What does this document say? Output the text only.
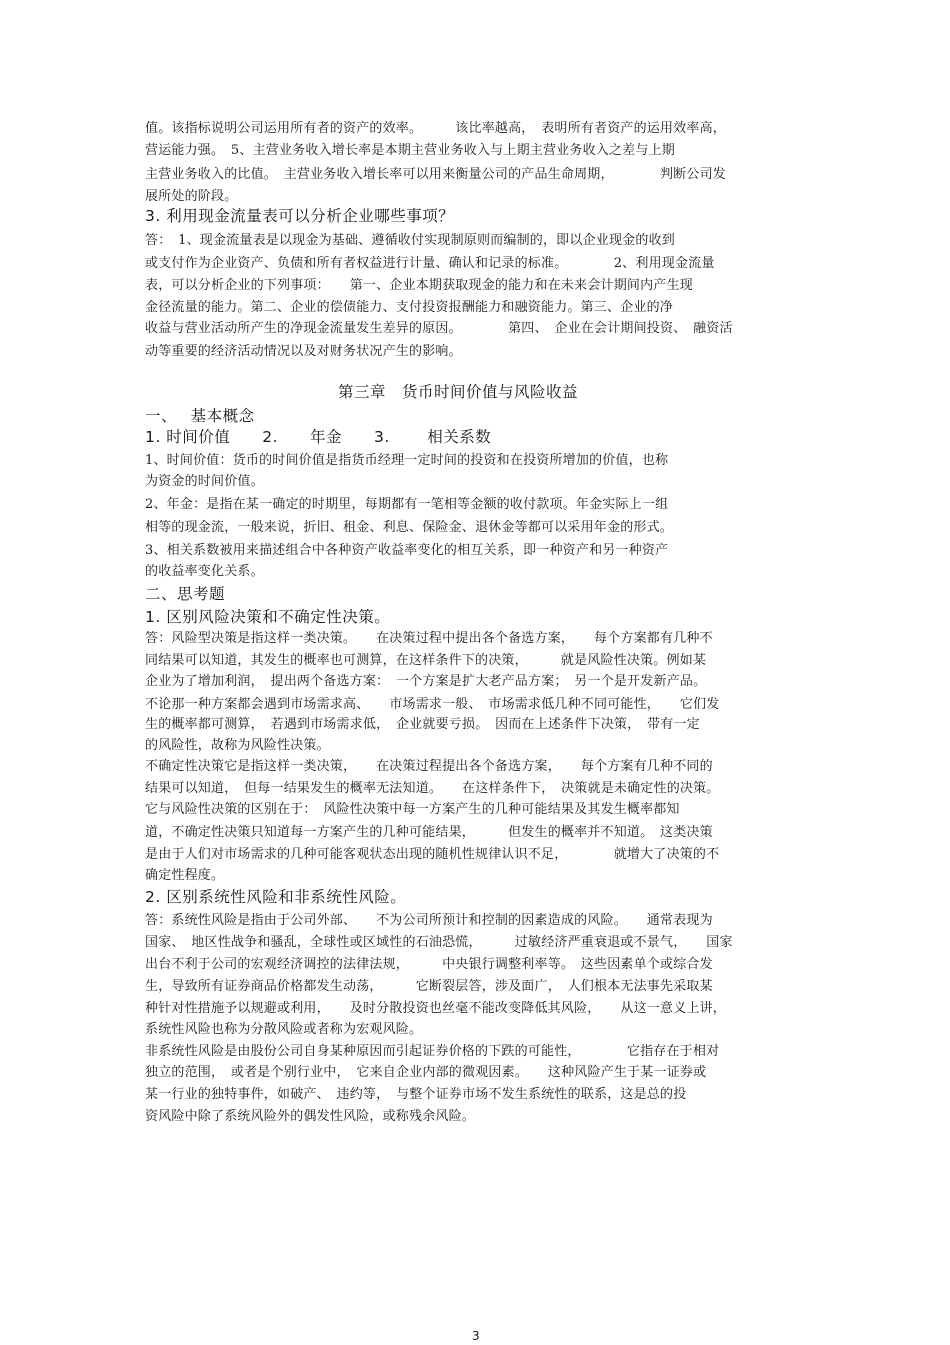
值。该指标说明公司运用所有者的资产的效率。　　　该比率越高，　表明所有者资产的运用效率高，
营运能力强。　5、主营业务收入增长率是本期主营业务收入与上期主营业务收入之差与上期
主营业务收入的比值。　主营业务收入增长率可以用来衡量公司的产品生命周期，　　　　判断公司发
展所处的阶段。
3. 利用现金流量表可以分析企业哪些事项？
答：　1、现金流量表是以现金为基础、遵循收付实现制原则而编制的，即以企业现金的收到
或支付作为企业资产、负债和所有者权益进行计量、确认和记录的标准。　　　　2、利用现金流量
表，可以分析企业的下列事项：　　第一、企业本期获取现金的能力和在未来会计期间内产生现
金径流量的能力。第二、企业的偿债能力、支付投资报酬能力和融资能力。第三、企业的净
收益与营业活动所产生的净现金流量发生差异的原因。　　　　第四、　企业在会计期间投资、　融资活
动等重要的经济活动情况以及对财务状况产生的影响。
第三章　货币时间价值与风险收益
一、　 基本概念
1. 时间价值　　2.　　年金　　3.　　 相关系数
1、时间价值：货币的时间价值是指货币经理一定时间的投资和在投资所增加的价值，也称
为资金的时间价值。
2、年金：是指在某一确定的时期里，每期都有一笔相等金额的收付款项。年金实际上一组
相等的现金流，一般来说，折旧、租金、利息、保险金、退休金等都可以采用年金的形式。
3、相关系数被用来描述组合中各种资产收益率变化的相互关系，即一种资产和另一种资产
的收益率变化关系。
二、思考题
1. 区别风险决策和不确定性决策。
答：风险型决策是指这样一类决策。　　在决策过程中提出各个备选方案，　　每个方案都有几种不
同结果可以知道，其发生的概率也可测算，在这样条件下的决策，　　　就是风险性决策。例如某
企业为了增加利润，　提出两个备选方案：　一个方案是扩大老产品方案；　另一个是开发新产品。
不论那一种方案都会遇到市场需求高、　　市场需求一般、　市场需求低几种不同可能性，　　它们发
生的概率都可测算，　若遇到市场需求低，　企业就要亏损。　因而在上述条件下决策，　带有一定
的风险性，故称为风险性决策。
不确定性决策它是指这样一类决策，　　在决策过程提出各个备选方案，　　每个方案有几种不同的
结果可以知道，　但每一结果发生的概率无法知道。　　在这样条件下，　决策就是未确定性的决策。
它与风险性决策的区别在于：　风险性决策中每一方案产生的几种可能结果及其发生概率都知
道，不确定性决策只知道每一方案产生的几种可能结果，　　　但发生的概率并不知道。　这类决策
是由于人们对市场需求的几种可能客观状态出现的随机性规律认识不足，　　　　就增大了决策的不
确定性程度。
2. 区别系统性风险和非系统性风险。
答：系统性风险是指由于公司外部、　　不为公司所预计和控制的因素造成的风险。　　通常表现为
国家、　地区性战争和骚乱，全球性或区域性的石油恐慌，　　　过敏经济严重衰退或不景气，　　国家
出台不利于公司的宏观经济调控的法律法规，　　　中央银行调整利率等。　这些因素单个或综合发
生，导致所有证券商品价格都发生动荡，　　　它断裂层答，涉及面广，　人们根本无法事先采取某
种针对性措施予以规避或利用，　　及时分散投资也丝毫不能改变降低其风险，　　从这一意义上讲，
系统性风险也称为分散风险或者称为宏观风险。
非系统性风险是由股份公司自身某种原因而引起证券价格的下跌的可能性，　　　　它指存在于相对
独立的范围，　或者是个别行业中，　它来自企业内部的微观因素。　　这种风险产生于某一证券或
某一行业的独特事件，如破产、　违约等，　与整个证券市场不发生系统性的联系，这是总的投
资风险中除了系统风险外的偶发性风险，或称残余风险。
3
